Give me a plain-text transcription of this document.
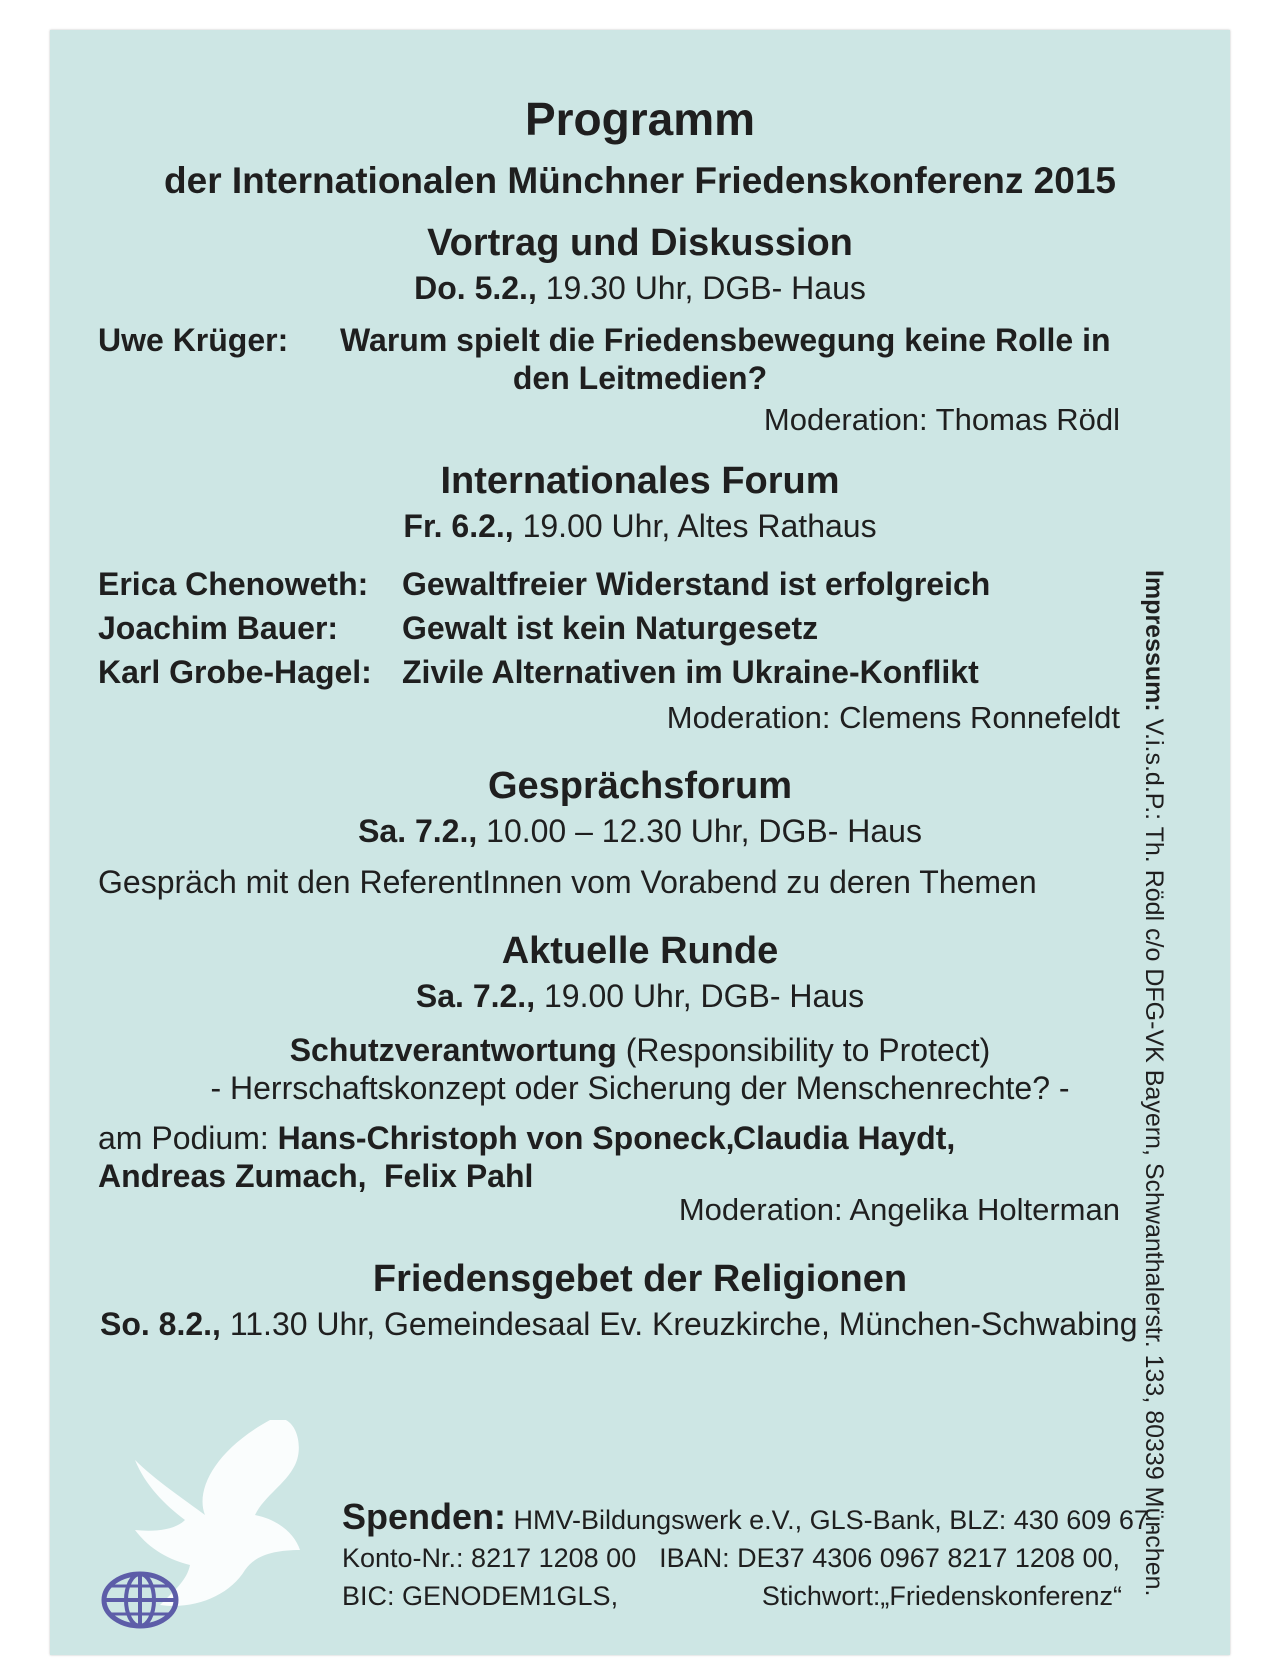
Programm
der Internationalen Münchner Friedenskonferenz 2015
Vortrag und Diskussion
Do. 5.2., 19.30 Uhr, DGB- Haus
Uwe Krüger: Warum spielt die Friedensbewegung keine Rolle in
den Leitmedien?
Moderation: Thomas Rödl
Internationales Forum
Fr. 6.2., 19.00 Uhr, Altes Rathaus
Erica Chenoweth: Gewaltfreier Widerstand ist erfolgreich
Joachim Bauer: Gewalt ist kein Naturgesetz
Karl Grobe-Hagel: Zivile Alternativen im Ukraine-Konflikt
Moderation: Clemens Ronnefeldt
Gesprächsforum
Sa. 7.2., 10.00 – 12.30 Uhr, DGB- Haus
Gespräch mit den ReferentInnen vom Vorabend zu deren Themen
Aktuelle Runde
Sa. 7.2., 19.00 Uhr, DGB- Haus
Schutzverantwortung (Responsibility to Protect)
- Herrschaftskonzept oder Sicherung der Menschenrechte? -
am Podium: Hans-Christoph von Sponeck,
Claudia Haydt,
Andreas Zumach, Felix Pahl
Moderation: Angelika Holterman
Friedensgebet der Religionen
So. 8.2., 11.30 Uhr, Gemeindesaal Ev. Kreuzkirche, München-Schwabing
Spenden: HMV-Bildungswerk e.V., GLS-Bank, BLZ: 430 609 67,
Konto-Nr.: 8217 1208 00 IBAN: DE37 4306 0967 8217 1208 00,
BIC: GENODEM1GLS,	Stichwort:„Friedenskonferenz“
Impressum: V.i.s.d.P.: Th. Rödl c/o DFG-VK Bayern, Schwanthalerstr. 133, 80339 München.
